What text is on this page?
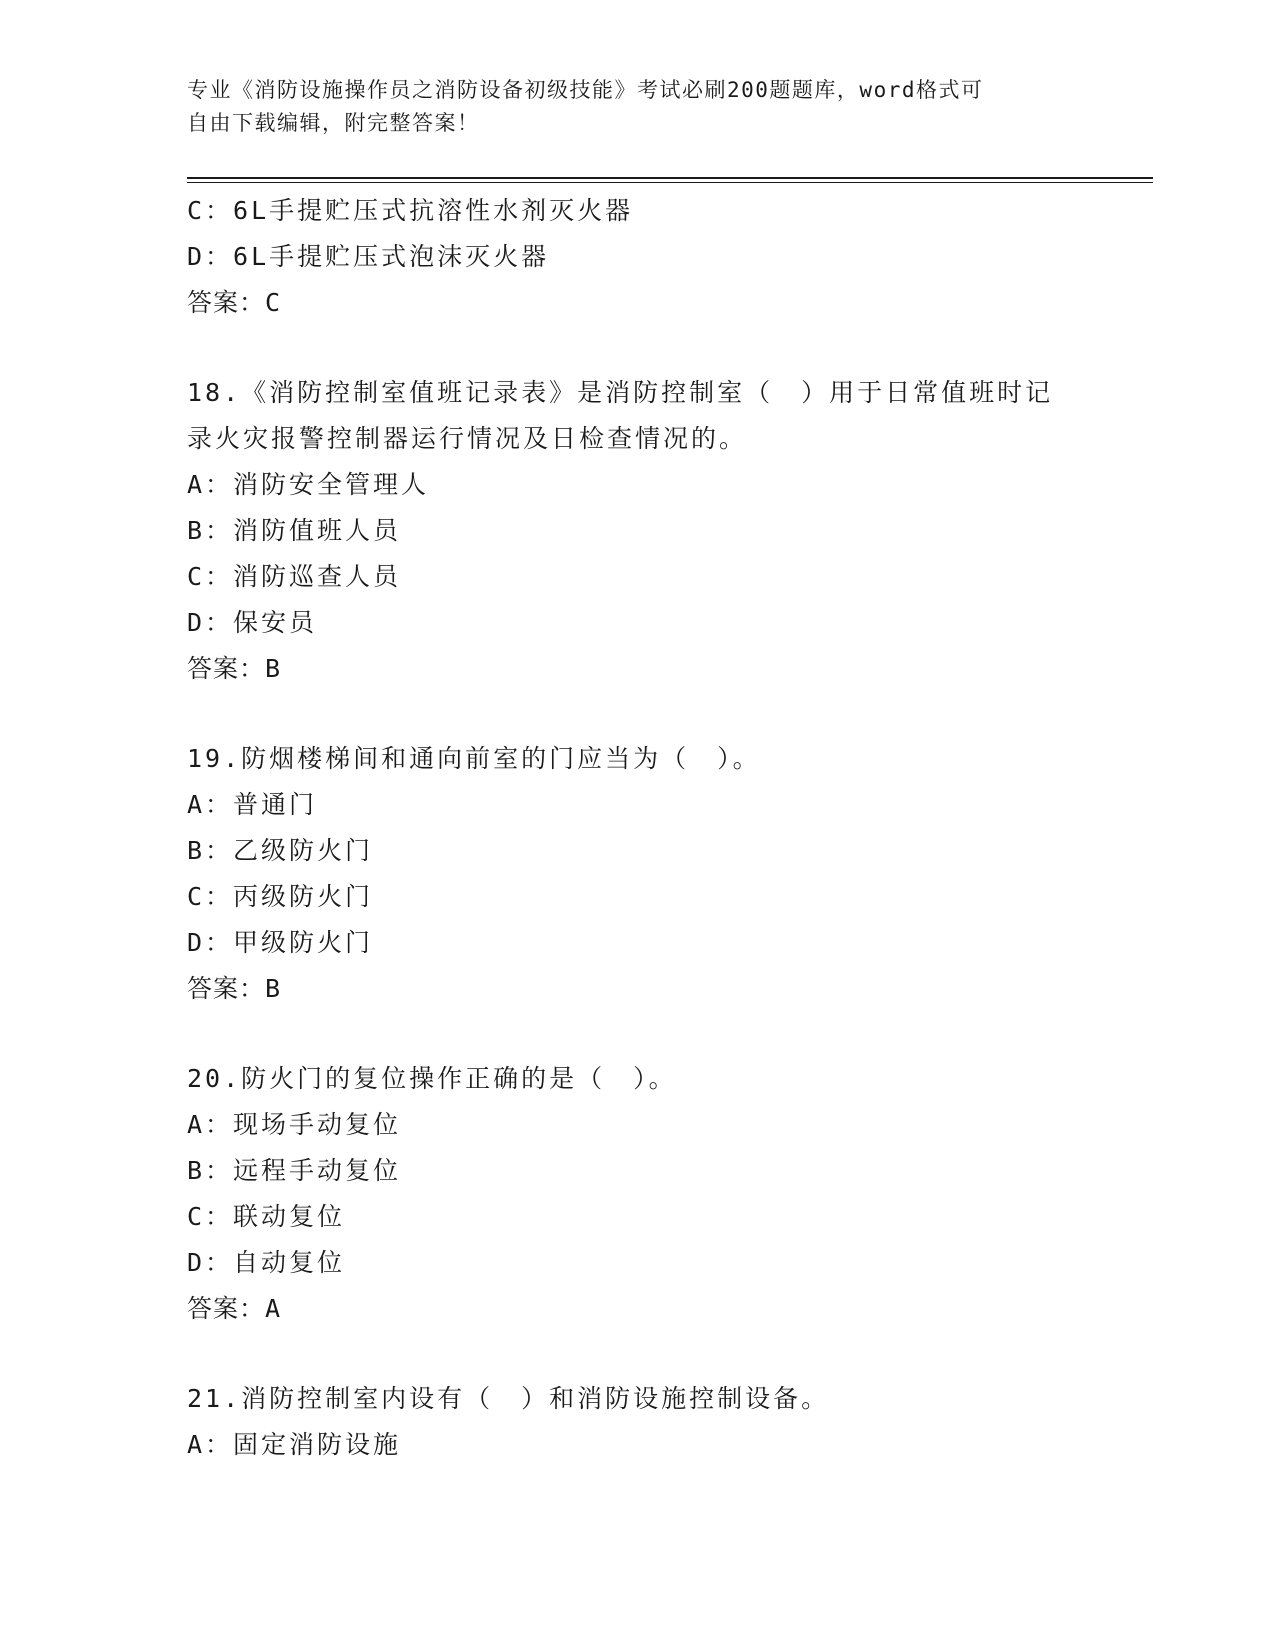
专业《消防设施操作员之消防设备初级技能》考试必刷200题题库，word格式可
自由下载编辑，附完整答案！
C：6L手提贮压式抗溶性水剂灭火器
D：6L手提贮压式泡沫灭火器
答案：C
18.《消防控制室值班记录表》是消防控制室（　）用于日常值班时记
录火灾报警控制器运行情况及日检查情况的。
A：消防安全管理人
B：消防值班人员
C：消防巡查人员
D：保安员
答案：B
19.防烟楼梯间和通向前室的门应当为（　）。
A：普通门
B：乙级防火门
C：丙级防火门
D：甲级防火门
答案：B
20.防火门的复位操作正确的是（　）。
A：现场手动复位
B：远程手动复位
C：联动复位
D：自动复位
答案：A
21.消防控制室内设有（　）和消防设施控制设备。
A：固定消防设施
